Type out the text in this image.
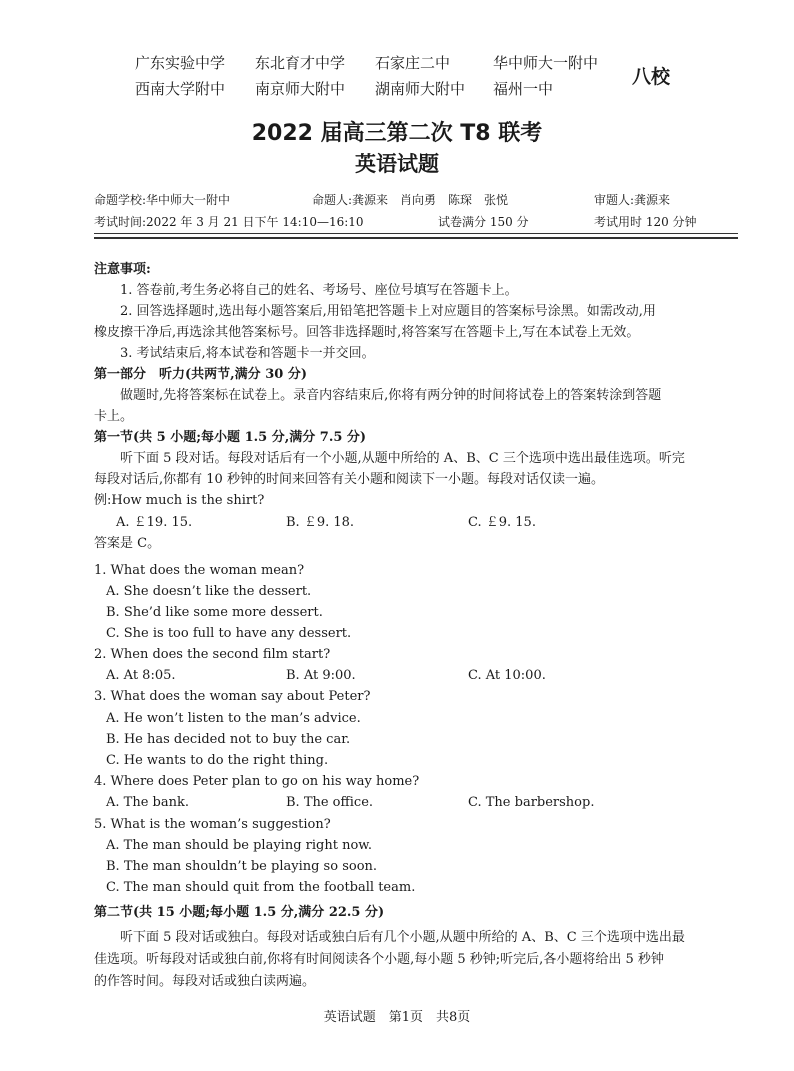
广东实验中学 东北育才中学 石家庄二中	华中师大一附中
西南大学附中 南京师大附中 湖南师大附中 福州一中
八校
2022 届高三第二次 T8 联考
英语试题
命题学校:华中师大一附中	命题人:龚源来　肖向勇　陈琛　张悦	审题人:龚源来
考试时间:2022 年 3 月 21 日下午 14:10—16:10	试卷满分 150 分	考试用时 120 分钟
注意事项:
1. 答卷前,考生务必将自己的姓名、考场号、座位号填写在答题卡上。
2. 回答选择题时,选出每小题答案后,用铅笔把答题卡上对应题目的答案标号涂黑。如需改动,用
橡皮擦干净后,再选涂其他答案标号。回答非选择题时,将答案写在答题卡上,写在本试卷上无效。
3. 考试结束后,将本试卷和答题卡一并交回。
第一部分　听力(共两节,满分 30 分)
做题时,先将答案标在试卷上。录音内容结束后,你将有两分钟的时间将试卷上的答案转涂到答题
卡上。
第一节(共 5 小题;每小题 1.5 分,满分 7.5 分)
听下面 5 段对话。每段对话后有一个小题,从题中所给的 A、B、C 三个选项中选出最佳选项。听完
每段对话后,你都有 10 秒钟的时间来回答有关小题和阅读下一小题。每段对话仅读一遍。
例:How much is the shirt?
A. ￡19. 15.	B. ￡9. 18.	C. ￡9. 15.
答案是 C。
1. What does the woman mean?
A. She doesn’t like the dessert.
B. She’d like some more dessert.
C. She is too full to have any dessert.
2. When does the second film start?
A. At 8:05.	B. At 9:00.	C. At 10:00.
3. What does the woman say about Peter?
A. He won’t listen to the man’s advice.
B. He has decided not to buy the car.
C. He wants to do the right thing.
4. Where does Peter plan to go on his way home?
A. The bank.	B. The office.	C. The barbershop.
5. What is the woman’s suggestion?
A. The man should be playing right now.
B. The man shouldn’t be playing so soon.
C. The man should quit from the football team.
第二节(共 15 小题;每小题 1.5 分,满分 22.5 分)
听下面 5 段对话或独白。每段对话或独白后有几个小题,从题中所给的 A、B、C 三个选项中选出最
佳选项。听每段对话或独白前,你将有时间阅读各个小题,每小题 5 秒钟;听完后,各小题将给出 5 秒钟
的作答时间。每段对话或独白读两遍。
英语试题　第1页　共8页
